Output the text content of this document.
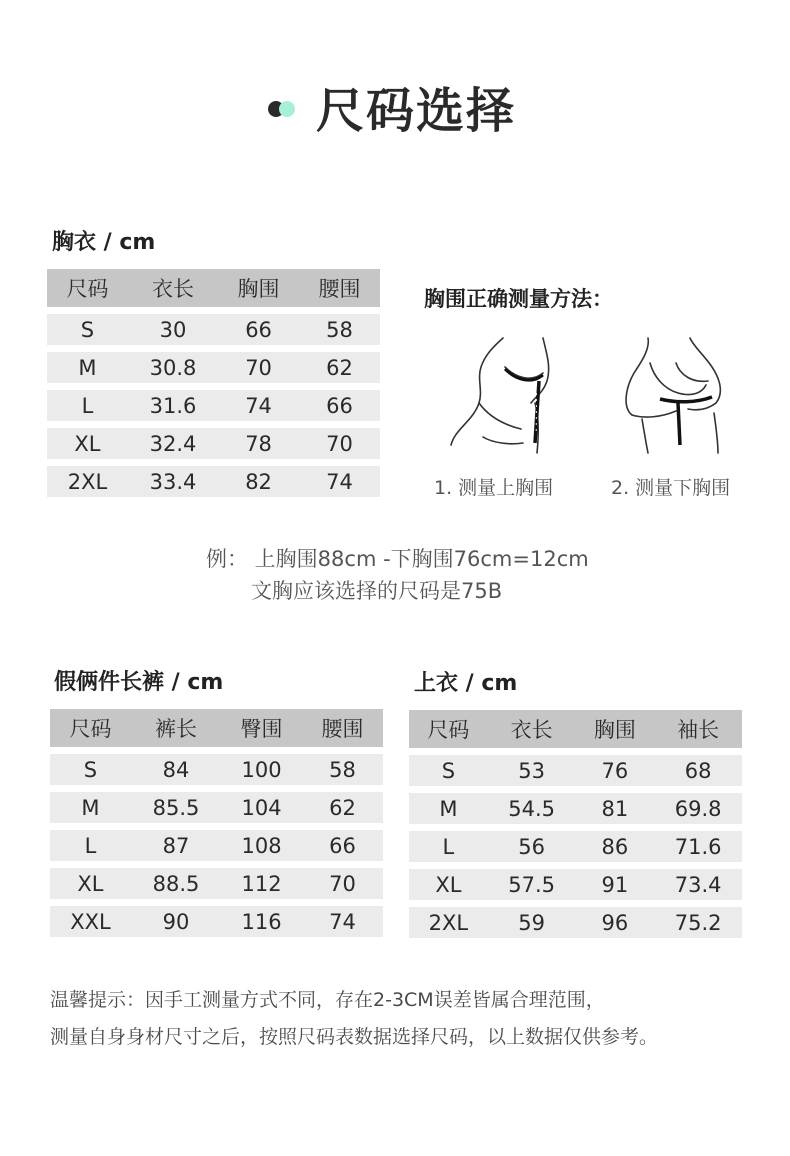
尺码选择
胸衣 / cm
尺码	衣长	胸围	腰围
S	30	66	58
M	30.8	70	62
L	31.6	74	66
XL	32.4	78	70
2XL	33.4	82	74
胸围正确测量方法：
1. 测量上胸围	2. 测量下胸围
例： 上胸围88cm -下胸围76cm=12cm
文胸应该选择的尺码是75B
假俩件长裤 / cm
尺码	裤长	臀围	腰围
S	84	100	58
M	85.5	104	62
L	87	108	66
XL	88.5	112	70
XXL	90	116	74
上衣 / cm
尺码	衣长	胸围	袖长
S	53	76	68
M	54.5	81	69.8
L	56	86	71.6
XL	57.5	91	73.4
2XL	59	96	75.2
温馨提示：因手工测量方式不同，存在2-3CM误差皆属合理范围，
测量自身身材尺寸之后，按照尺码表数据选择尺码，以上数据仅供参考。
